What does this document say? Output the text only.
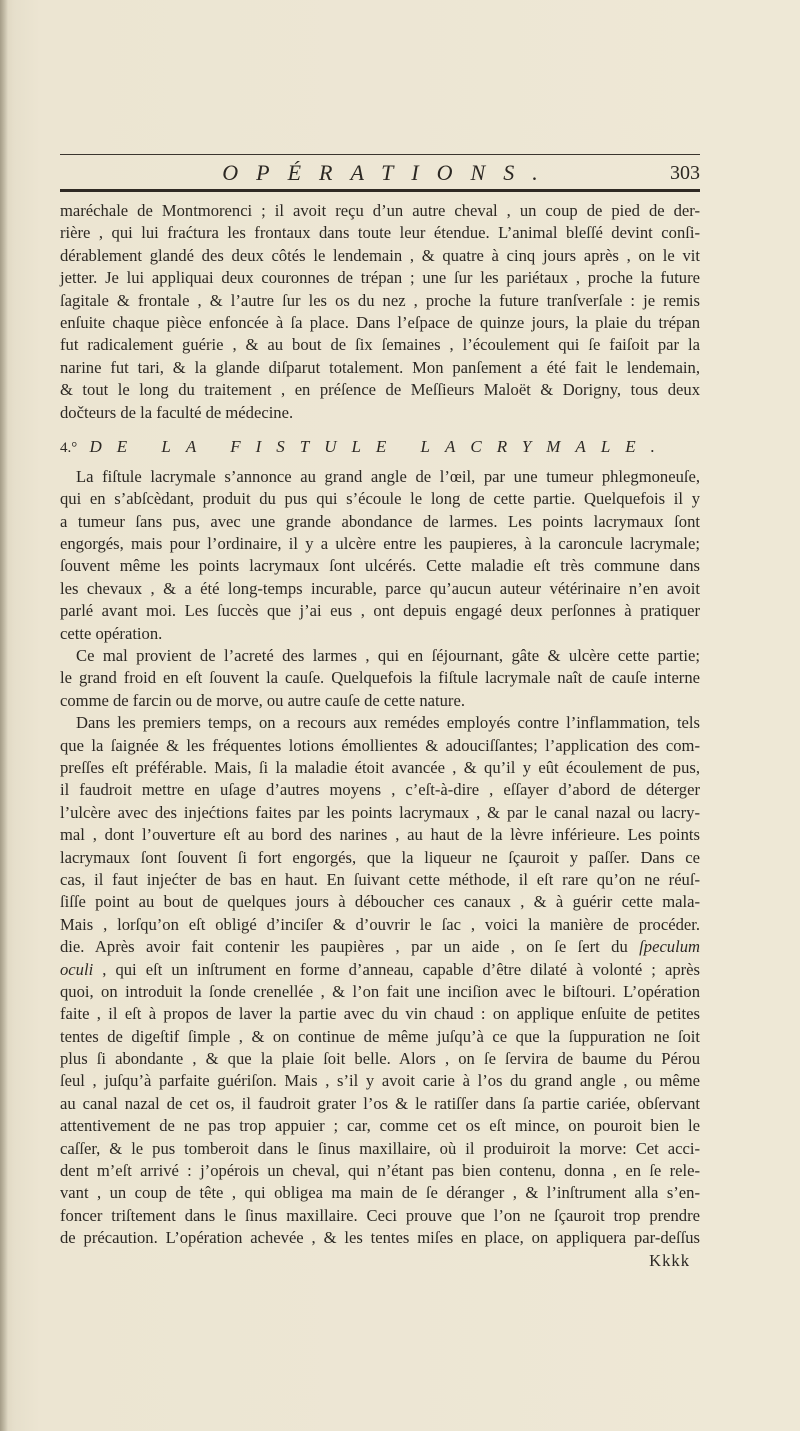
OPÉRATIONS.	303
maréchale de Montmorenci ; il avoit reçu d’un autre cheval , un coup de pied de der-
rière , qui lui fraćtura les frontaux dans toute leur étendue. L’animal bleſſé devint conſi-
dérablement glandé des deux côtés le lendemain , & quatre à cinq jours après , on le vit
jetter. Je lui appliquai deux couronnes de trépan ; une ſur les pariétaux , proche la future
ſagitale & frontale , & l’autre ſur les os du nez , proche la future tranſverſale : je remis
enſuite chaque pièce enfoncée à ſa place. Dans l’eſpace de quinze jours, la plaie du trépan
fut radicalement guérie , & au bout de ſix ſemaines , l’écoulement qui ſe faiſoit par la
narine fut tari, & la glande diſparut totalement. Mon panſement a été fait le lendemain,
& tout le long du traitement , en préſence de Meſſieurs Maloët & Dorigny, tous deux
dočteurs de la faculté de médecine.
4.° DE LA FISTULE LACRYMALE.
La fiſtule lacrymale s’annonce au grand angle de l’œil, par une tumeur phlegmoneuſe,
qui en s’abſcèdant, produit du pus qui s’écoule le long de cette partie. Quelquefois il y
a tumeur ſans pus, avec une grande abondance de larmes. Les points lacrymaux ſont
engorgés, mais pour l’ordinaire, il y a ulcère entre les paupieres, à la caroncule lacrymale;
ſouvent même les points lacrymaux ſont ulcérés. Cette maladie eſt très commune dans
les chevaux , & a été long-temps incurable, parce qu’aucun auteur vétérinaire n’en avoit
parlé avant moi. Les ſuccès que j’ai eus , ont depuis engagé deux perſonnes à pratiquer
cette opération.
Ce mal provient de l’acreté des larmes , qui en ſéjournant, gâte & ulcère cette partie;
le grand froid en eſt ſouvent la cauſe. Quelquefois la fiſtule lacrymale naît de cauſe interne
comme de farcin ou de morve, ou autre cauſe de cette nature.
Dans les premiers temps, on a recours aux remédes employés contre l’inflammation, tels
que la ſaignée & les fréquentes lotions émollientes & adouciſſantes; l’application des com-
preſſes eſt préférable. Mais, ſi la maladie étoit avancée , & qu’il y eût écoulement de pus,
il faudroit mettre en uſage d’autres moyens , c’eſt-à-dire , eſſayer d’abord de déterger
l’ulcère avec des injećtions faites par les points lacrymaux , & par le canal nazal ou lacry-
mal , dont l’ouverture eſt au bord des narines , au haut de la lèvre inférieure. Les points
lacrymaux ſont ſouvent ſi fort engorgés, que la liqueur ne ſçauroit y paſſer. Dans ce
cas, il faut injećter de bas en haut. En ſuivant cette méthode, il eſt rare qu’on ne réuſ-
ſiſſe point au bout de quelques jours à déboucher ces canaux , & à guérir cette mala-
Mais , lorſqu’on eſt obligé d’inciſer & d’ouvrir le ſac , voici la manière de procéder.
die. Après avoir fait contenir les paupières , par un aide , on ſe ſert du ſpeculum
oculi , qui eſt un inſtrument en forme d’anneau, capable d’être dilaté à volonté ; après
quoi, on introduit la ſonde crenellée , & l’on fait une inciſion avec le biſtouri. L’opération
faite , il eſt à propos de laver la partie avec du vin chaud : on applique enſuite de petites
tentes de digeſtif ſimple , & on continue de même juſqu’à ce que la ſuppuration ne ſoit
plus ſi abondante , & que la plaie ſoit belle. Alors , on ſe ſervira de baume du Pérou
ſeul , juſqu’à parfaite guériſon. Mais , s’il y avoit carie à l’os du grand angle , ou même
au canal nazal de cet os, il faudroit grater l’os & le ratiſſer dans ſa partie cariée, obſervant
attentivement de ne pas trop appuier ; car, comme cet os eſt mince, on pouroit bien le
caſſer, & le pus tomberoit dans le ſinus maxillaire, où il produiroit la morve: Cet acci-
dent m’eſt arrivé : j’opérois un cheval, qui n’étant pas bien contenu, donna , en ſe rele-
vant , un coup de tête , qui obligea ma main de ſe déranger , & l’inſtrument alla s’en-
foncer triſtement dans le ſinus maxillaire. Ceci prouve que l’on ne ſçauroit trop prendre
de précaution. L’opération achevée , & les tentes miſes en place, on appliquera par-deſſus
Kkkk
